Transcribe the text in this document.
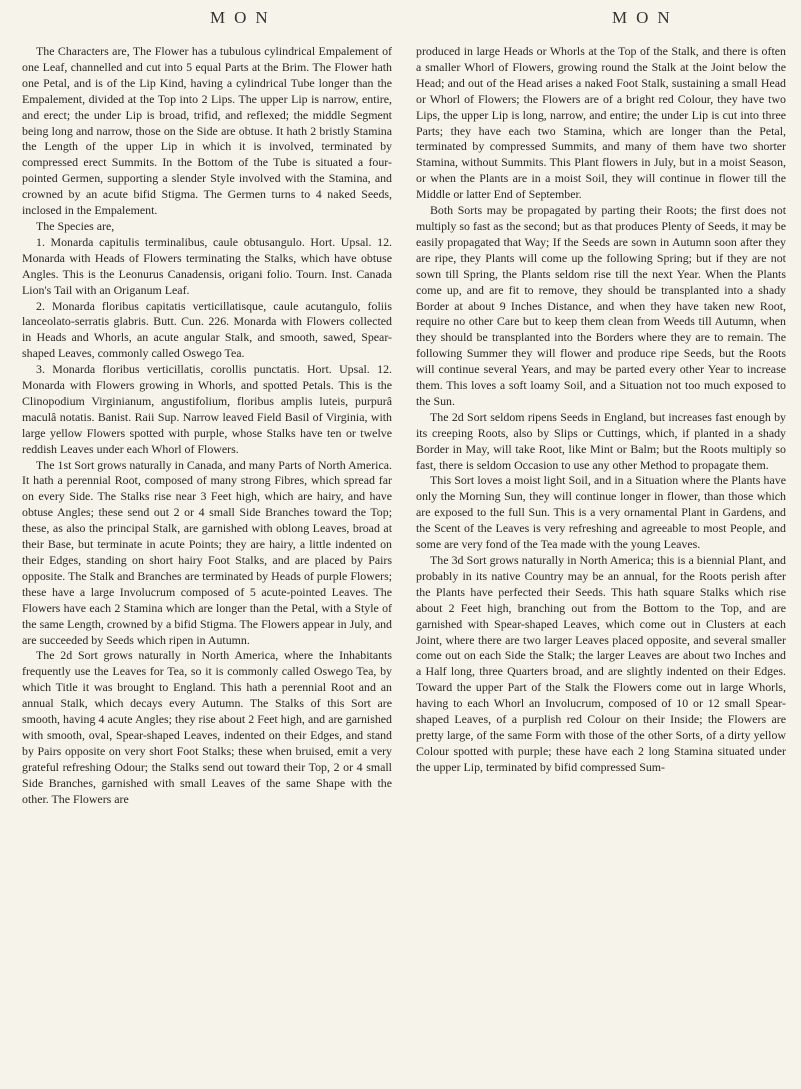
MON	MON

The Characters are, The Flower has a tubulous cylindrical Empalement of one Leaf, channelled and cut into 5 equal Parts at the Brim. The Flower hath one Petal, and is of the Lip Kind, having a cylindrical Tube longer than the Empalement, divided at the Top into 2 Lips. The upper Lip is narrow, entire, and erect; the under Lip is broad, trifid, and reflexed; the middle Segment being long and narrow, those on the Side are obtuse. It hath 2 bristly Stamina the Length of the upper Lip in which it is involved, terminated by compressed erect Summits. In the Bottom of the Tube is situated a four-pointed Germen, supporting a slender Style involved with the Stamina, and crowned by an acute bifid Stigma. The Germen turns to 4 naked Seeds, inclosed in the Empalement.

The Species are,

1. Monarda capitulis terminalibus, caule obtusangulo. Hort. Upsal. 12. Monarda with Heads of Flowers terminating the Stalks, which have obtuse Angles. This is the Leonurus Canadensis, origani folio. Tourn. Inst. Canada Lion's Tail with an Origanum Leaf.

2. Monarda floribus capitatis verticillatisque, caule acutangulo, foliis lanceolato-serratis glabris. Butt. Cun. 226. Monarda with Flowers collected in Heads and Whorls, an acute angular Stalk, and smooth, sawed, Spear-shaped Leaves, commonly called Oswego Tea.

3. Monarda floribus verticillatis, corollis punctatis. Hort. Upsal. 12. Monarda with Flowers growing in Whorls, and spotted Petals. This is the Clinopodium Virginianum, angustifolium, floribus amplis luteis, purpurâ maculâ notatis. Banist. Raii Sup. Narrow leaved Field Basil of Virginia, with large yellow Flowers spotted with purple, whose Stalks have ten or twelve reddish Leaves under each Whorl of Flowers.

The 1st Sort grows naturally in Canada, and many Parts of North America. It hath a perennial Root, composed of many strong Fibres, which spread far on every Side. The Stalks rise near 3 Feet high, which are hairy, and have obtuse Angles; these send out 2 or 4 small Side Branches toward the Top; these, as also the principal Stalk, are garnished with oblong Leaves, broad at their Base, but terminate in acute Points; they are hairy, a little indented on their Edges, standing on short hairy Foot Stalks, and are placed by Pairs opposite. The Stalk and Branches are terminated by Heads of purple Flowers; these have a large Involucrum composed of 5 acute-pointed Leaves. The Flowers have each 2 Stamina which are longer than the Petal, with a Style of the same Length, crowned by a bifid Stigma. The Flowers appear in July, and are succeeded by Seeds which ripen in Autumn.

The 2d Sort grows naturally in North America, where the Inhabitants frequently use the Leaves for Tea, so it is commonly called Oswego Tea, by which Title it was brought to England. This hath a perennial Root and an annual Stalk, which decays every Autumn. The Stalks of this Sort are smooth, having 4 acute Angles; they rise about 2 Feet high, and are garnished with smooth, oval, Spear-shaped Leaves, indented on their Edges, and stand by Pairs opposite on very short Foot Stalks; these when bruised, emit a very grateful refreshing Odour; the Stalks send out toward their Top, 2 or 4 small Side Branches, garnished with small Leaves of the same Shape with the other. The Flowers are

produced in large Heads or Whorls at the Top of the Stalk, and there is often a smaller Whorl of Flowers, growing round the Stalk at the Joint below the Head; and out of the Head arises a naked Foot Stalk, sustaining a small Head or Whorl of Flowers; the Flowers are of a bright red Colour, they have two Lips, the upper Lip is long, narrow, and entire; the under Lip is cut into three Parts; they have each two Stamina, which are longer than the Petal, terminated by compressed Summits, and many of them have two shorter Stamina, without Summits. This Plant flowers in July, but in a moist Season, or when the Plants are in a moist Soil, they will continue in flower till the Middle or latter End of September.

Both Sorts may be propagated by parting their Roots; the first does not multiply so fast as the second; but as that produces Plenty of Seeds, it may be easily propagated that Way; If the Seeds are sown in Autumn soon after they are ripe, they Plants will come up the following Spring; but if they are not sown till Spring, the Plants seldom rise till the next Year. When the Plants come up, and are fit to remove, they should be transplanted into a shady Border at about 9 Inches Distance, and when they have taken new Root, require no other Care but to keep them clean from Weeds till Autumn, when they should be transplanted into the Borders where they are to remain. The following Summer they will flower and produce ripe Seeds, but the Roots will continue several Years, and may be parted every other Year to increase them. This loves a soft loamy Soil, and a Situation not too much exposed to the Sun.

The 2d Sort seldom ripens Seeds in England, but increases fast enough by its creeping Roots, also by Slips or Cuttings, which, if planted in a shady Border in May, will take Root, like Mint or Balm; but the Roots multiply so fast, there is seldom Occasion to use any other Method to propagate them.

This Sort loves a moist light Soil, and in a Situation where the Plants have only the Morning Sun, they will continue longer in flower, than those which are exposed to the full Sun. This is a very ornamental Plant in Gardens, and the Scent of the Leaves is very refreshing and agreeable to most People, and some are very fond of the Tea made with the young Leaves.

The 3d Sort grows naturally in North America; this is a biennial Plant, and probably in its native Country may be an annual, for the Roots perish after the Plants have perfected their Seeds. This hath square Stalks which rise about 2 Feet high, branching out from the Bottom to the Top, and are garnished with Spear-shaped Leaves, which come out in Clusters at each Joint, where there are two larger Leaves placed opposite, and several smaller come out on each Side the Stalk; the larger Leaves are about two Inches and a Half long, three Quarters broad, and are slightly indented on their Edges. Toward the upper Part of the Stalk the Flowers come out in large Whorls, having to each Whorl an Involucrum, composed of 10 or 12 small Spear-shaped Leaves, of a purplish red Colour on their Inside; the Flowers are pretty large, of the same Form with those of the other Sorts, of a dirty yellow Colour spotted with purple; these have each 2 long Stamina situated under the upper Lip, terminated by bifid compressed Sum-
